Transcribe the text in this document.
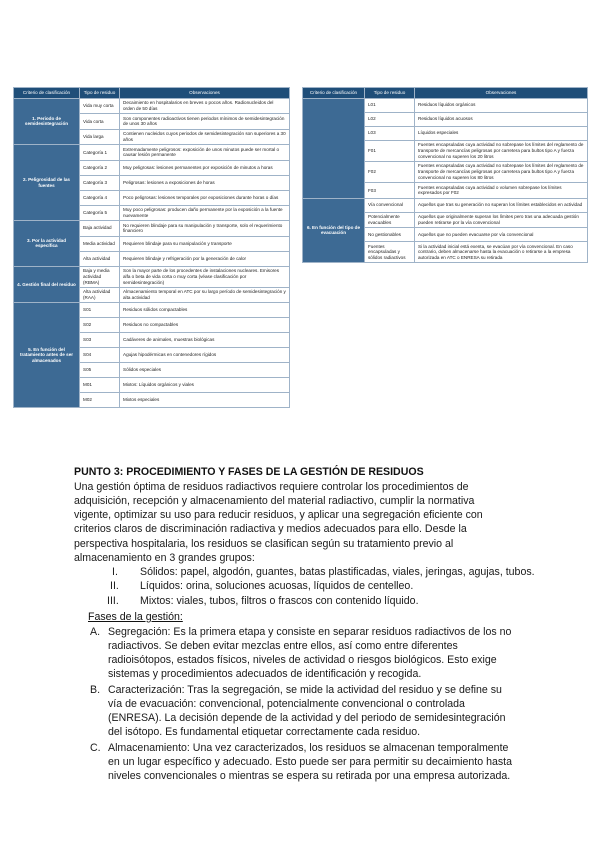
Criterio de clasificación	Tipo de residuo	Observaciones
1. Periodo de semidesintegración	Vida muy corta	Decaimiento en hospitalarios en breves o pocos años. Radionucleidos del orden de 50 días
	Vida corta	Son componentes radioactivos tienen periodos mínimos de semidesintegración de unos 30 años
	Vida larga	Contienen nucleidos cuyos periodos de semidesintegración son superiores a 30 años
2. Peligrosidad de las fuentes	Categoría 1	Extremadamente peligrosos: exposición de unos minutos puede ser mortal o causar lesión permanente
	Categoría 2	Muy peligrosas: lesiones permanentes por exposición de minutos a horas
	Categoría 3	Peligrosas: lesiones a exposiciones de horas
	Categoría 4	Poco peligrosas: lesiones temporales por exposiciones durante horas o días
	Categoría 5	Muy poco peligrosas: producen daño permanente por la exposición a la fuente nuevamente
3. Por la actividad específica	Baja actividad	No requieren blindaje para su manipulación y transporte, solo el requerimiento financiero
	Media actividad	Requieren blindaje para su manipulación y transporte
	Alta actividad	Requieren blindaje y refrigeración por la generación de calor
4. Gestión final del residuo	Baja y media actividad (RBMA)	Son la mayor parte de los procedentes de instalaciones nucleares. Emisores alfa o beta de vida corta o muy corta (véase clasificación por semidesintegración)
	Alta actividad (RAA)	Almacenamiento temporal en ATC por su largo período de semidesintegración y alta actividad
5. En función del tratamiento antes de ser almacenados	S01	Residuos sólidos compactables
	S02	Residuos no compactables
	S03	Cadáveres de animales, muestras biológicas
	S04	Agujas hipodérmicas en contenedores rígidos
	S05	Sólidos especiales
	M01	Mixtos: Líquidos orgánicos y viales
	M02	Mixtos especiales
Criterio de clasificación	Tipo de residuo	Observaciones
	L01	Residuos líquidos orgánicos
	L02	Residuos líquidos acuosos
	L03	Líquidos especiales
	F01	Fuentes encapsuladas cuya actividad no sobrepase los límites del reglamento de transporte de mercancías peligrosas por carretera para bultos tipo A y fuerza convencional no superen los 20 litros
	F02	Fuentes encapsuladas cuya actividad no sobrepase los límites del reglamento de transporte de mercancías peligrosas por carretera para bultos tipo A y fuerza convencional no superen los 80 litros
	F03	Fuentes encapsuladas cuya actividad o volumen sobrepase los límites expresados por F02
6. En función del tipo de evacuación	Vía convencional	Aquellos que tras su generación no superan los límites establecidos en actividad
	Potencialmente evacuables	Aquellos que originalmente superan los límites pero tras una adecuada gestión pueden retirarse por la vía convencional
	No gestionables	Aquellos que no pueden evacuarse por vía convencional
	Fuentes encapsuladas y sólidos radiactivos	Si la actividad inicial está exenta, se evacúan por vía convencional. En caso contrario, deben almacenarse hasta la evacuación o retirarse a la empresa autorizada en ATC o ENRESA su retirada
PUNTO 3: PROCEDIMIENTO Y FASES DE LA GESTIÓN DE RESIDUOS
Una gestión óptima de residuos radiactivos requiere controlar los procedimientos de
adquisición, recepción y almacenamiento del material radiactivo, cumplir la normativa
vigente, optimizar su uso para reducir residuos, y aplicar una segregación eficiente con
criterios claros de discriminación radiactiva y medios adecuados para ello. Desde la
perspectiva hospitalaria, los residuos se clasifican según su tratamiento previo al
almacenamiento en 3 grandes grupos:
I. Sólidos: papel, algodón, guantes, batas plastificadas, viales, jeringas, agujas, tubos.
II. Líquidos: orina, soluciones acuosas, líquidos de centelleo.
III. Mixtos: viales, tubos, filtros o frascos con contenido líquido.
Fases de la gestión:
A. Segregación: Es la primera etapa y consiste en separar residuos radiactivos de los no
radiactivos. Se deben evitar mezclas entre ellos, así como entre diferentes
radioisótopos, estados físicos, niveles de actividad o riesgos biológicos. Esto exige
sistemas y procedimientos adecuados de identificación y recogida.
B. Caracterización: Tras la segregación, se mide la actividad del residuo y se define su
vía de evacuación: convencional, potencialmente convencional o controlada
(ENRESA). La decisión depende de la actividad y del periodo de semidesintegración
del isótopo. Es fundamental etiquetar correctamente cada residuo.
C. Almacenamiento: Una vez caracterizados, los residuos se almacenan temporalmente
en un lugar específico y adecuado. Esto puede ser para permitir su decaimiento hasta
niveles convencionales o mientras se espera su retirada por una empresa autorizada.
